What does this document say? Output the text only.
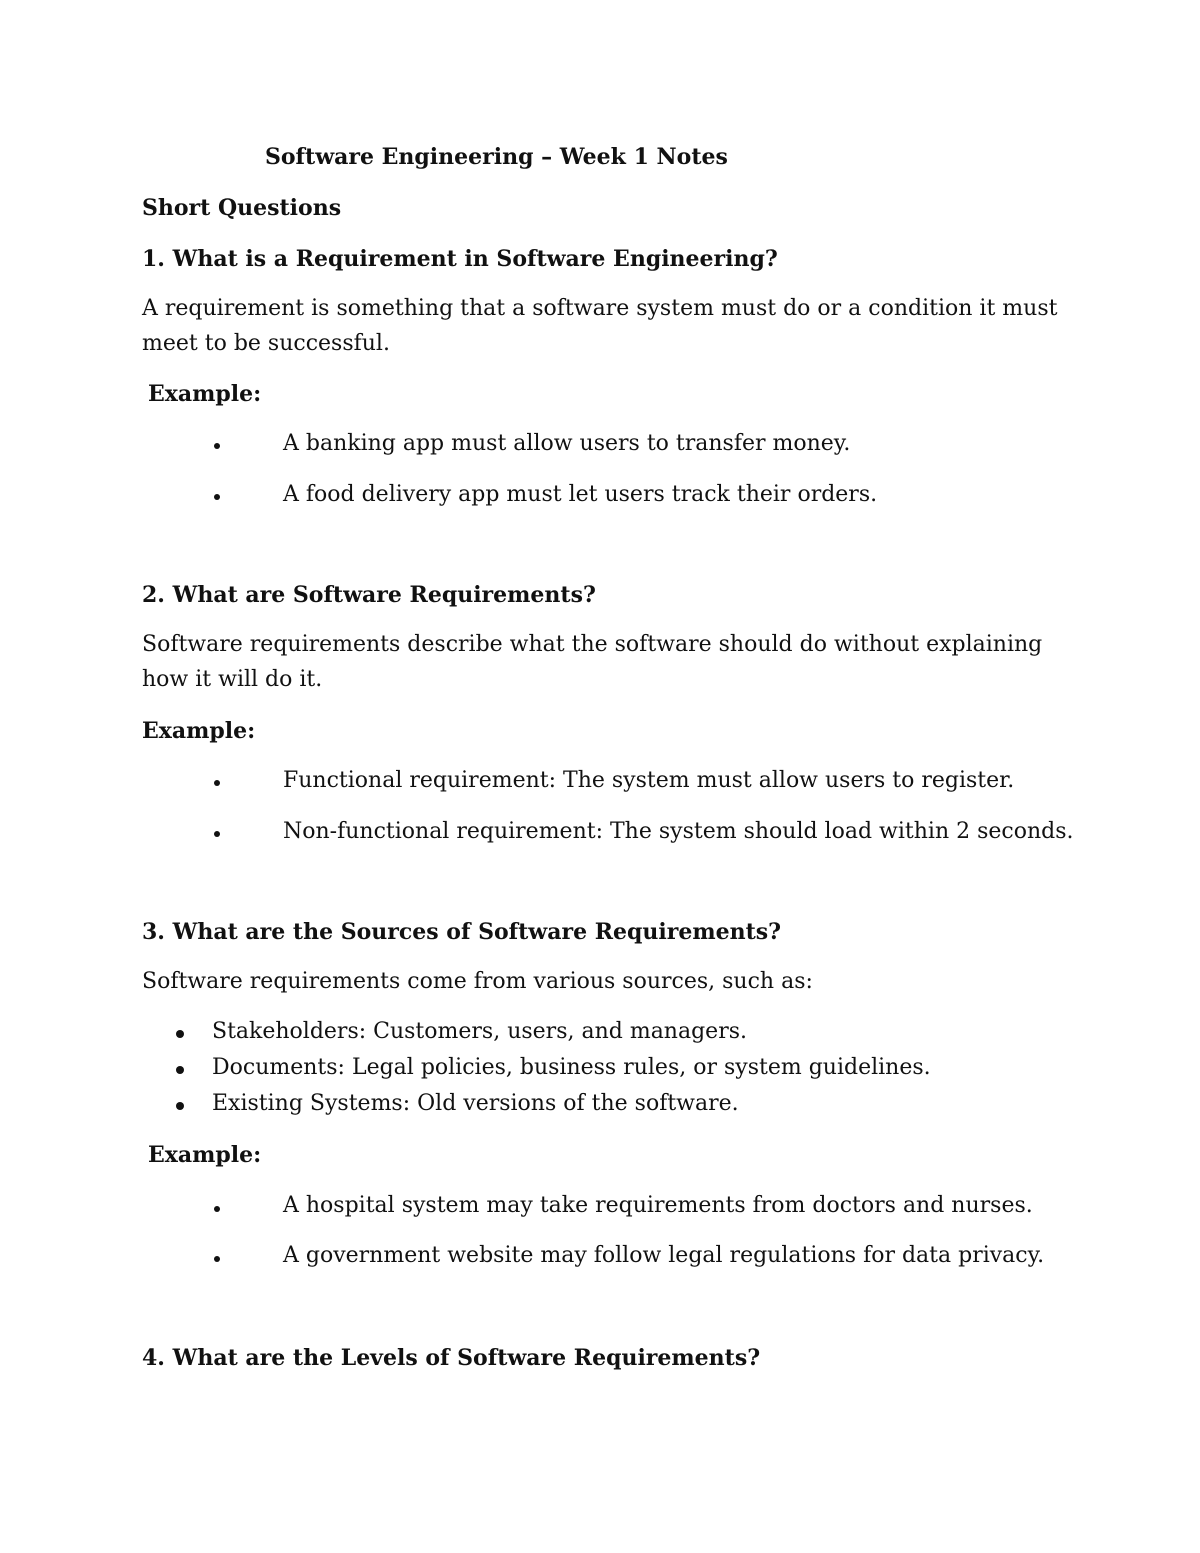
Software Engineering – Week 1 Notes
Short Questions
1. What is a Requirement in Software Engineering?
A requirement is something that a software system must do or a condition it must
meet to be successful.
Example:
A banking app must allow users to transfer money.
A food delivery app must let users track their orders.
2. What are Software Requirements?
Software requirements describe what the software should do without explaining
how it will do it.
Example:
Functional requirement: The system must allow users to register.
Non-functional requirement: The system should load within 2 seconds.
3. What are the Sources of Software Requirements?
Software requirements come from various sources, such as:
Stakeholders: Customers, users, and managers.
Documents: Legal policies, business rules, or system guidelines.
Existing Systems: Old versions of the software.
Example:
A hospital system may take requirements from doctors and nurses.
A government website may follow legal regulations for data privacy.
4. What are the Levels of Software Requirements?
